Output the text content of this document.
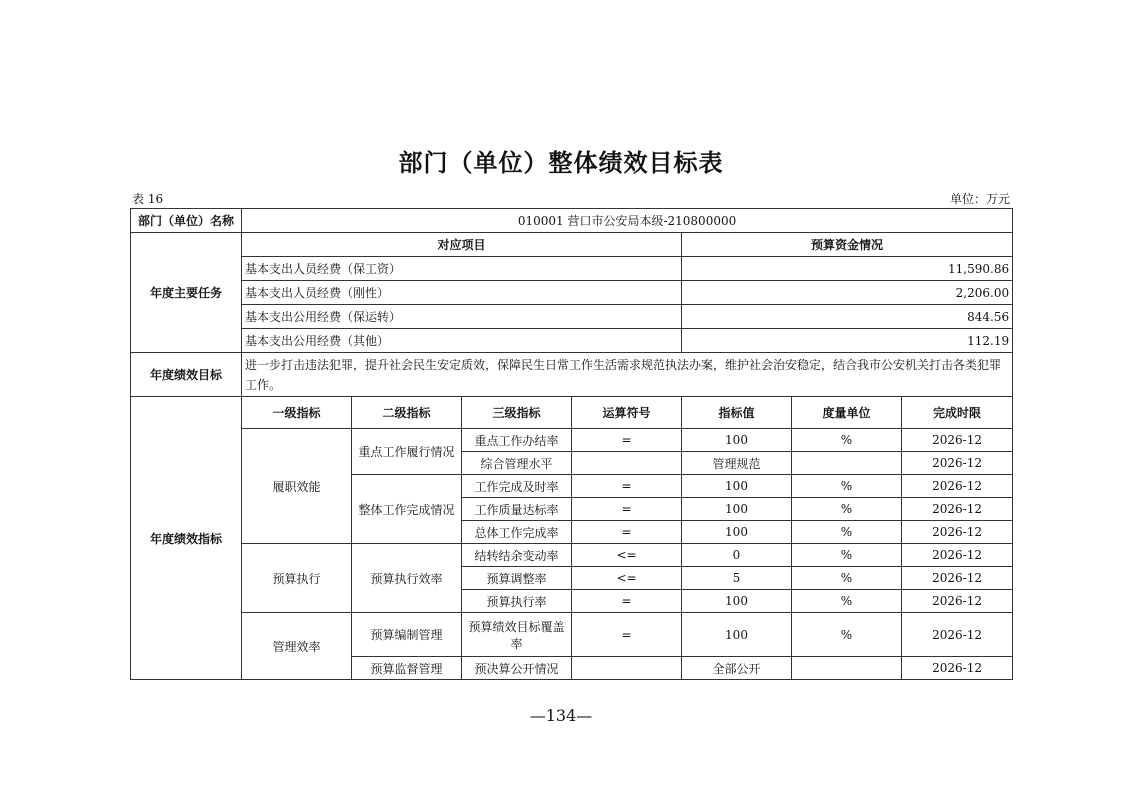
部门（单位）整体绩效目标表
表 16	单位：万元
部门（单位）名称	010001 营口市公安局本级-210800000						
年度主要任务	对应项目				预算资金情况		
	基本支出人员经费（保工资）				11,590.86		
	基本支出人员经费（刚性）				2,206.00		
	基本支出公用经费（保运转）				844.56		
	基本支出公用经费（其他）				112.19		
年度绩效目标	进一步打击违法犯罪，提升社会民生安定质效，保障民生日常工作生活需求规范执法办案，维护社会治安稳定，结合我市公安机关打击各类犯罪工作。						
年度绩效指标	一级指标	二级指标	三级指标	运算符号	指标值	度量单位	完成时限
	履职效能	重点工作履行情况	重点工作办结率	=	100	%	2026-12
			综合管理水平		管理规范		2026-12
		整体工作完成情况	工作完成及时率	=	100	%	2026-12
			工作质量达标率	=	100	%	2026-12
			总体工作完成率	=	100	%	2026-12
	预算执行	预算执行效率	结转结余变动率	<=	0	%	2026-12
			预算调整率	<=	5	%	2026-12
			预算执行率	=	100	%	2026-12
	管理效率	预算编制管理	预算绩效目标覆盖率	=	100	%	2026-12
		预算监督管理	预决算公开情况		全部公开		2026-12
—134—
